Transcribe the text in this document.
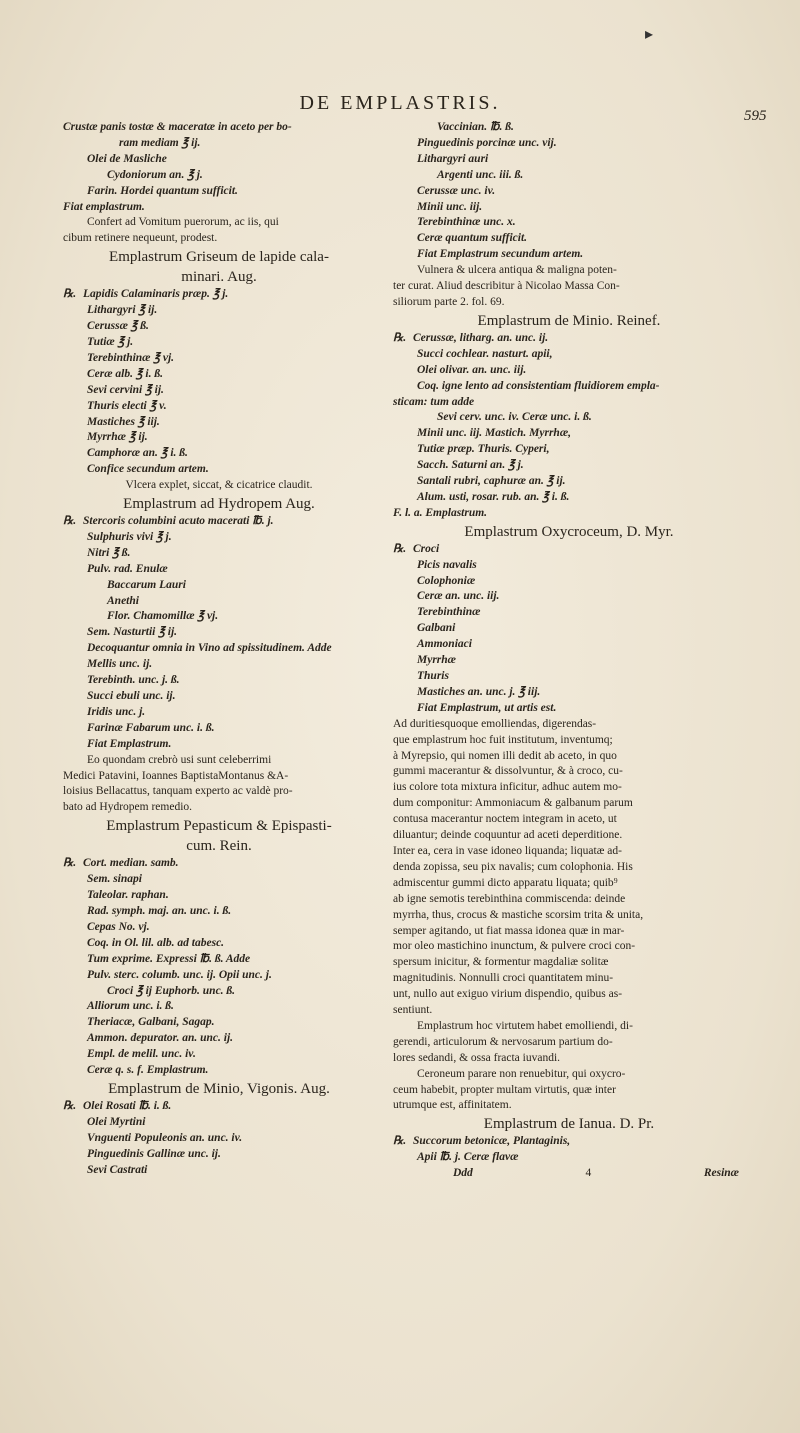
▸
DE EMPLASTRIS.
595
Crustæ panis tostæ & maceratæ in aceto per bo-
ram mediam ℥ ij.
Olei de Masliche
Cydoniorum an. ℥ j.
Farin. Hordei quantum sufficit.
Fiat emplastrum.
Confert ad Vomitum puerorum, ac iis, qui
cibum retinere nequeunt, prodest.
Emplastrum Griseum de lapide cala-
minari. Aug.
℞. Lapidis Calaminaris præp. ℥ j.
Lithargyri ℥ ij.
Cerussæ ℥ ß.
Tutiæ ℥ j.
Terebinthinæ ℥ vj.
Ceræ alb. ℥ i. ß.
Sevi cervini ℥ ij.
Thuris electi ℥ v.
Mastiches ℥ iij.
Myrrhæ ℥ ij.
Camphoræ an. ℥ i. ß.
Confice secundum artem.
Vlcera explet, siccat, & cicatrice claudit.
Emplastrum ad Hydropem Aug.
℞. Stercoris columbini acuto macerati ℔. j.
Sulphuris vivi ℥ j.
Nitri ℥ ß.
Pulv. rad. Enulæ
Baccarum Lauri
Anethi
Flor. Chamomillæ ℥ vj.
Sem. Nasturtii ℥ ij.
Decoquantur omnia in Vino ad spissitudinem. Adde
Mellis unc. ij.
Terebinth. unc. j. ß.
Succi ebuli unc. ij.
Iridis unc. j.
Farinæ Fabarum unc. i. ß.
Fiat Emplastrum.
Eo quondam crebrò usi sunt celeberrimi
Medici Patavini, Ioannes BaptistaMontanus &A-
loisius Bellacattus, tanquam experto ac valdè pro-
bato ad Hydropem remedio.
Emplastrum Pepasticum & Epispasti-
cum. Rein.
℞. Cort. median. samb.
Sem. sinapi
Taleolar. raphan.
Rad. symph. maj. an. unc. i. ß.
Cepas No. vj.
Coq. in Ol. lil. alb. ad tabesc.
Tum exprime. Expressi ℔. ß. Adde
Pulv. sterc. columb. unc. ij. Opii unc. j.
Croci ℥ ij Euphorb. unc. ß.
Alliorum unc. i. ß.
Theriacæ, Galbani, Sagap.
Ammon. depurator. an. unc. ij.
Empl. de melil. unc. iv.
Ceræ q. s. f. Emplastrum.
Emplastrum de Minio, Vigonis. Aug.
℞. Olei Rosati ℔. i. ß.
Olei Myrtini
Vnguenti Populeonis an. unc. iv.
Pinguedinis Gallinæ unc. ij.
Sevi Castrati
Vaccinian. ℔. ß.
Pinguedinis porcinæ unc. vij.
Lithargyri auri
Argenti unc. iii. ß.
Cerussæ unc. iv.
Minii unc. iij.
Terebinthinæ unc. x.
Ceræ quantum sufficit.
Fiat Emplastrum secundum artem.
Vulnera & ulcera antiqua & maligna poten-
ter curat. Aliud describitur à Nicolao Massa Con-
siliorum parte 2. fol. 69.
Emplastrum de Minio. Reinef.
℞. Cerussæ, litharg. an. unc. ij.
Succi cochlear. nasturt. apii,
Olei olivar. an. unc. iij.
Coq. igne lento ad consistentiam fluidiorem empla-
sticam: tum adde
Sevi cerv. unc. iv. Ceræ unc. i. ß.
Minii unc. iij. Mastich. Myrrhæ,
Tutiæ præp. Thuris. Cyperi,
Sacch. Saturni an. ℥ j.
Santali rubri, caphuræ an. ℥ ij.
Alum. usti, rosar. rub. an. ℥ i. ß.
F. l. a. Emplastrum.
Emplastrum Oxycroceum, D. Myr.
℞. Croci
Picis navalis
Colophoniæ
Ceræ an. unc. iij.
Terebinthinæ
Galbani
Ammoniaci
Myrrhæ
Thuris
Mastiches an. unc. j. ℥ iij.
Fiat Emplastrum, ut artis est.
Ad duritiesquoque emolliendas, digerendas-
que emplastrum hoc fuit institutum, inventumq;
à Myrepsio, qui nomen illi dedit ab aceto, in quo
gummi macerantur & dissolvuntur, & à croco, cu-
ius colore tota mixtura inficitur, adhuc autem mo-
dum componitur: Ammoniacum & galbanum parum
contusa macerantur noctem integram in aceto, ut
diluantur; deinde coquuntur ad aceti deperditione.
Inter ea, cera in vase idoneo liquanda; liquatæ ad-
denda zopissa, seu pix navalis; cum colophonia. His
admiscentur gummi dicto apparatu liquata; quib⁹
ab igne semotis terebinthina commiscenda: deinde
myrrha, thus, crocus & mastiche scorsim trita & unita,
semper agitando, ut fiat massa idonea quæ in mar-
mor oleo mastichino inunctum, & pulvere croci con-
spersum inicitur, & formentur magdaliæ solitæ
magnitudinis. Nonnulli croci quantitatem minu-
unt, nullo aut exiguo virium dispendio, quibus as-
sentiunt.
Emplastrum hoc virtutem habet emolliendi, di-
gerendi, articulorum & nervosarum partium do-
lores sedandi, & ossa fracta iuvandi.
Ceroneum parare non renuebitur, qui oxycro-
ceum habebit, propter multam virtutis, quæ inter
utrumque est, affinitatem.
Emplastrum de Ianua. D. Pr.
℞. Succorum betonicæ, Plantaginis,
Apii ℔. j. Ceræ flavæ
Ddd	4	Resinæ
